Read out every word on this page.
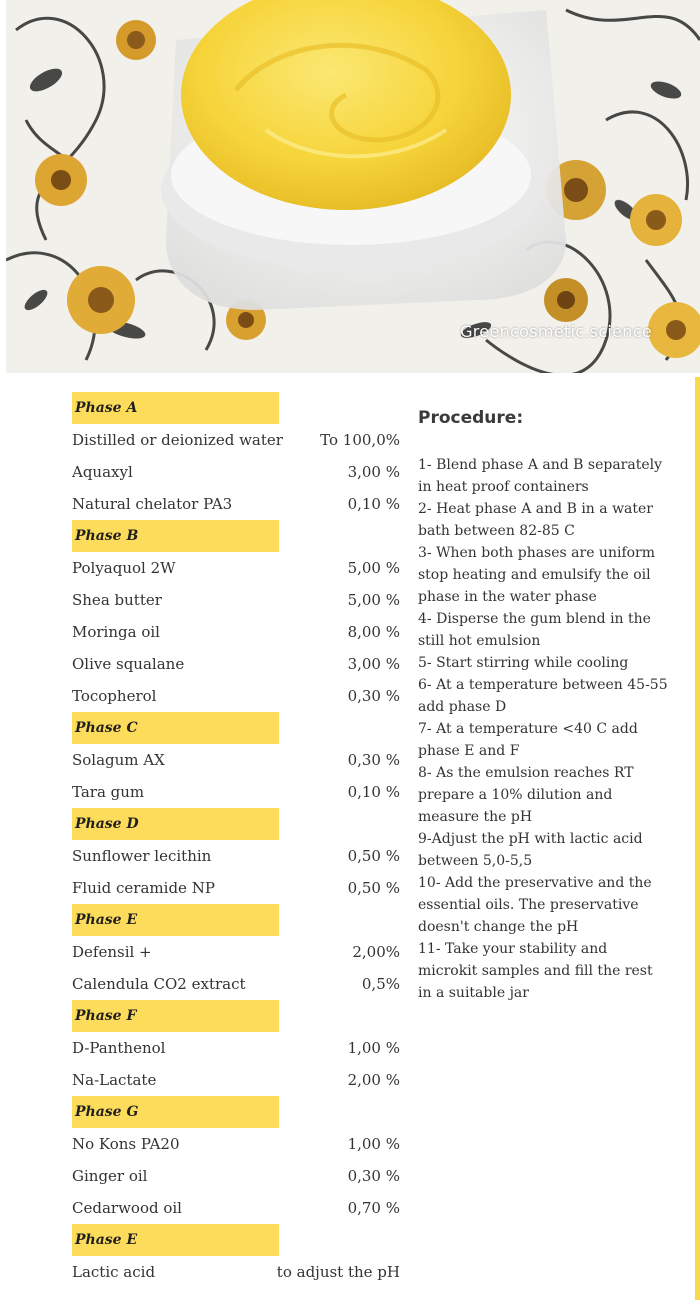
Greencosmetic.science
Phase A
Distilled or deionized water To 100,0%
Aquaxyl	3,00 %
Natural chelator PA3	0,10 %
Phase B
Polyaquol 2W	5,00 %
Shea butter	5,00 %
Moringa oil	8,00 %
Olive squalane	3,00 %
Tocopherol	0,30 %
Phase C
Solagum AX	0,30 %
Tara gum	0,10 %
Phase D
Sunflower lecithin	0,50 %
Fluid ceramide NP	0,50 %
Phase E
Defensil +	2,00%
Calendula CO2 extract	0,5%
Phase F
D-Panthenol	1,00 %
Na-Lactate	2,00 %
Phase G
No Kons PA20	1,00 %
Ginger oil	0,30 %
Cedarwood oil	0,70 %
Phase E
Lactic acid	to adjust the pH
Procedure:
1- Blend phase A and B separately in heat proof containers
2- Heat phase A and B in a water bath between 82-85 C
3- When both phases are uniform stop heating and emulsify the oil phase in the water phase
4- Disperse the gum blend in the still hot emulsion
5- Start stirring while cooling
6- At a temperature between 45-55 add phase D
7- At a temperature <40 C add phase E and F
8- As the emulsion reaches RT prepare a 10% dilution and measure the pH
9-Adjust the pH with lactic acid between 5,0-5,5
10- Add the preservative and the essential oils. The preservative doesn't change the pH
11- Take your stability and microkit samples and fill the rest in a suitable jar
